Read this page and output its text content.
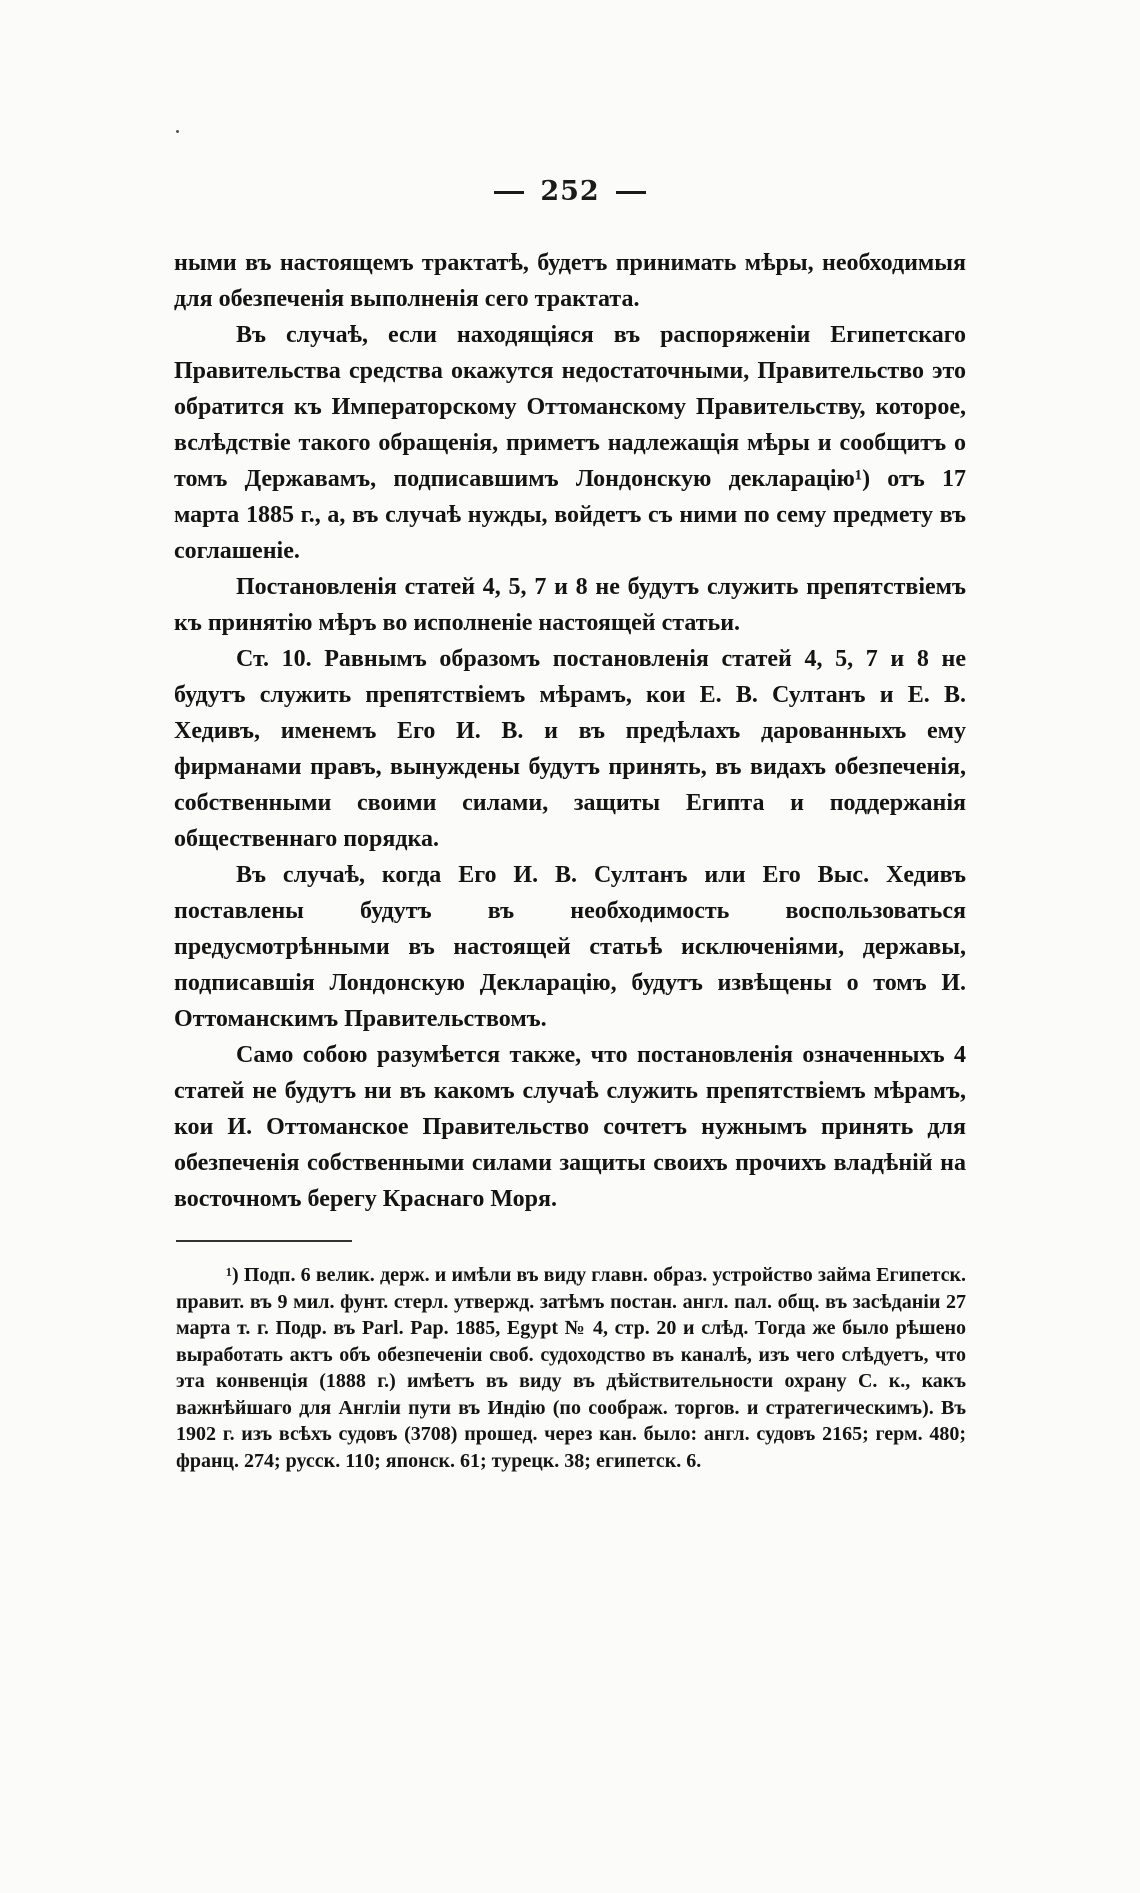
252

ными въ настоящемъ трактатѣ, будетъ принимать мѣры, необходимыя для обезпеченія выполненія сего трактата.

Въ случаѣ, если находящіяся въ распоряженіи Египетскаго Правительства средства окажутся недостаточными, Правительство это обратится къ Императорскому Оттоманскому Правительству, которое, вслѣдствіе такого обращенія, приметъ надлежащія мѣры и сообщитъ о томъ Державамъ, подписавшимъ Лондонскую декларацію¹) отъ 17 марта 1885 г., а, въ случаѣ нужды, войдетъ съ ними по сему предмету въ соглашеніе.

Постановленія статей 4, 5, 7 и 8 не будутъ служить препятствіемъ къ принятію мѣръ во исполненіе настоящей статьи.

Ст. 10. Равнымъ образомъ постановленія статей 4, 5, 7 и 8 не будутъ служить препятствіемъ мѣрамъ, кои Е. В. Султанъ и Е. В. Хедивъ, именемъ Его И. В. и въ предѣлахъ дарованныхъ ему фирманами правъ, вынуждены будутъ принять, въ видахъ обезпеченія, собственными своими силами, защиты Египта и поддержанія общественнаго порядка.

Въ случаѣ, когда Его И. В. Султанъ или Его Выс. Хедивъ поставлены будутъ въ необходимость воспользоваться предусмотрѣнными въ настоящей статьѣ исключеніями, державы, подписавшія Лондонскую Декларацію, будутъ извѣщены о томъ И. Оттоманскимъ Правительствомъ.

Само собою разумѣется также, что постановленія означенныхъ 4 статей не будутъ ни въ какомъ случаѣ служить препятствіемъ мѣрамъ, кои И. Оттоманское Правительство сочтетъ нужнымъ принять для обезпеченія собственными силами защиты своихъ прочихъ владѣній на восточномъ берегу Краснаго Моря.

¹) Подп. 6 велик. держ. и имѣли въ виду главн. образ. устройство займа Египетск. правит. въ 9 мил. фунт. стерл. утвержд. затѣмъ постан. англ. пал. общ. въ засѣданіи 27 марта т. г. Подр. въ Parl. Pap. 1885, Egypt № 4, стр. 20 и слѣд. Тогда же было рѣшено выработать актъ объ обезпеченіи своб. судоходство въ каналѣ, изъ чего слѣдуетъ, что эта конвенція (1888 г.) имѣетъ въ виду въ дѣйствительности охрану С. к., какъ важнѣйшаго для Англіи пути въ Индію (по соображ. торгов. и стратегическимъ). Въ 1902 г. изъ всѣхъ судовъ (3708) прошед. через кан. было: англ. судовъ 2165; герм. 480; франц. 274; русск. 110; японск. 61; турецк. 38; египетск. 6.
